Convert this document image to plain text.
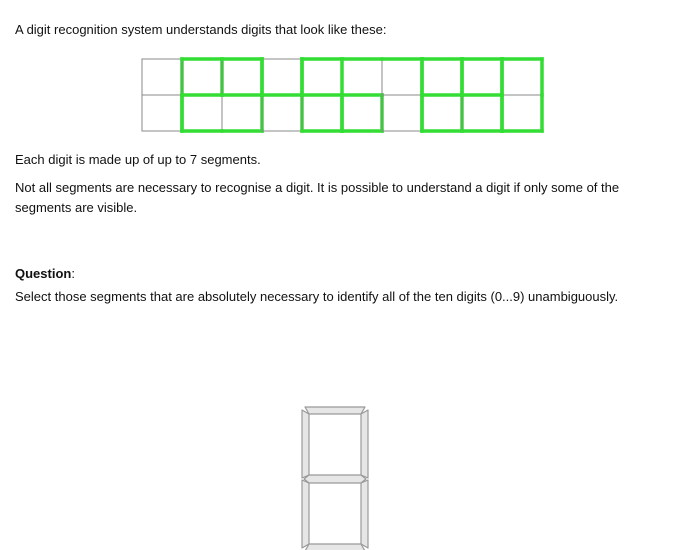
A digit recognition system understands digits that look like these:

Each digit is made up of up to 7 segments.

Not all segments are necessary to recognise a digit. It is possible to understand a digit if only some of the segments are visible.

Question:

Select those segments that are absolutely necessary to identify all of the ten digits (0...9) unambiguously.
